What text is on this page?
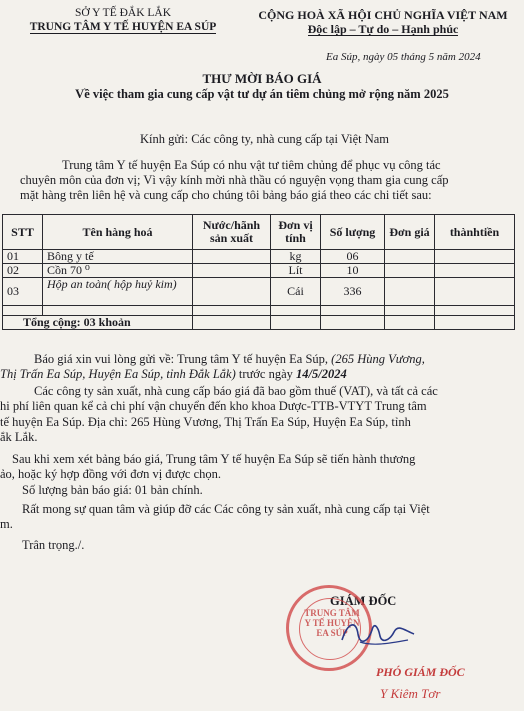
SỞ Y TẾ ĐẮK LẮK
TRUNG TÂM Y TẾ HUYỆN EA SÚP
CỘNG HOÀ XÃ HỘI CHỦ NGHĨA VIỆT NAM
Độc lập – Tự do – Hạnh phúc
Ea Súp, ngày 05 tháng 5 năm 2024
THƯ MỜI BÁO GIÁ
Về việc tham gia cung cấp vật tư dự án tiêm chủng mở rộng năm 2025
Kính gửi: Các công ty, nhà cung cấp tại Việt Nam
Trung tâm Y tế huyện Ea Súp có nhu vật tư tiêm chủng để phục vụ công tác
chuyên môn của đơn vị; Vì vậy kính mời nhà thầu có nguyện vọng tham gia cung cấp
mặt hàng trên liên hệ và cung cấp cho chúng tôi bảng báo giá theo các chi tiết sau:
STT	Tên hàng hoá	Nước/hãnh sản xuất	Đơn vị tính	Số lượng	Đơn giá	thànhtiền
01	Bông y tế		kg	06		
02	Cồn 70 ⁰		Lít	10		
03	Hộp an toàn( hộp huỷ kim)		Cái	336		

Tổng cộng: 03 khoản						
Báo giá xin vui lòng gửi về: Trung tâm Y tế huyện Ea Súp, (265 Hùng Vương,
Thị Trấn Ea Súp, Huyện Ea Súp, tỉnh Đắk Lắk) trước ngày 14/5/2024
Các công ty sản xuất, nhà cung cấp báo giá đã bao gồm thuế (VAT), và tất cả các
hi phí liên quan kể cả chi phí vận chuyển đến kho khoa Dược-TTB-VTYT Trung tâm
tế huyện Ea Súp. Địa chỉ: 265 Hùng Vương, Thị Trấn Ea Súp, Huyện Ea Súp, tỉnh
ắk Lắk.
Sau khi xem xét bảng báo giá, Trung tâm Y tế huyện Ea Súp sẽ tiến hành thương
ảo, hoặc ký hợp đồng với đơn vị được chọn.
Số lượng bản báo giá: 01 bản chính.
Rất mong sự quan tâm và giúp đỡ các Các công ty sản xuất, nhà cung cấp tại Việt
m.
Trân trọng./.
GIÁM ĐỐC
TRUNG TÂM Y TẾ HUYỆN EA SÚP
PHÓ GIÁM ĐỐC
Y Kiêm Tơr
